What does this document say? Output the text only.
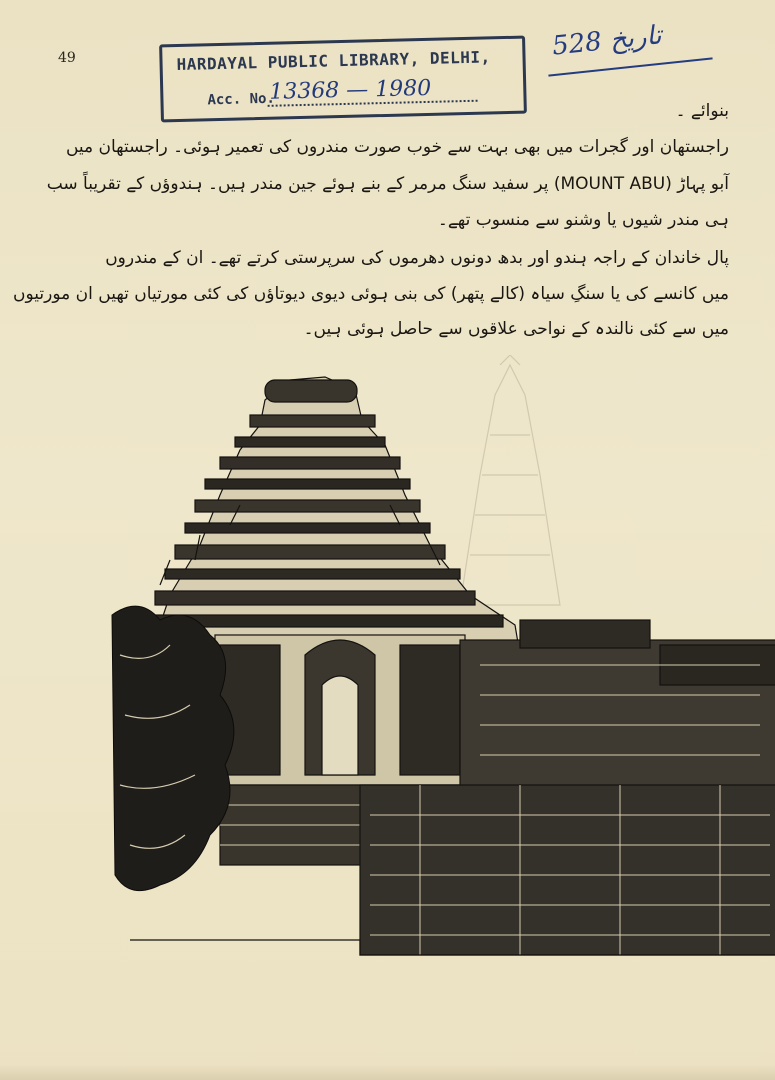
49	HARDAYAL PUBLIC LIBRARY, DELHI,
Acc. No.
13368 — 1980
528 تاریخ
بنوائے ۔
راجستھان اور گجرات میں بھی بہت سے خوب صورت مندروں کی تعمیر ہوئی۔ راجستھان میں
آبو پہاڑ (MOUNT ABU) پر سفید سنگ مرمر کے بنے ہوئے جین مندر ہیں۔ ہندوؤں کے تقریباً سب
ہی مندر شیوں یا وشنو سے منسوب تھے۔
پال خاندان کے راجہ ہندو اور بدھ دونوں دھرموں کی سرپرستی کرتے تھے۔ ان کے مندروں
میں کانسے کی یا سنگِ سیاہ (کالے پتھر) کی بنی ہوئی دیوی دیوتاؤں کی کئی مورتیاں تھیں ان مورتیوں
میں سے کئی نالندہ کے نواحی علاقوں سے حاصل ہوئی ہیں۔
